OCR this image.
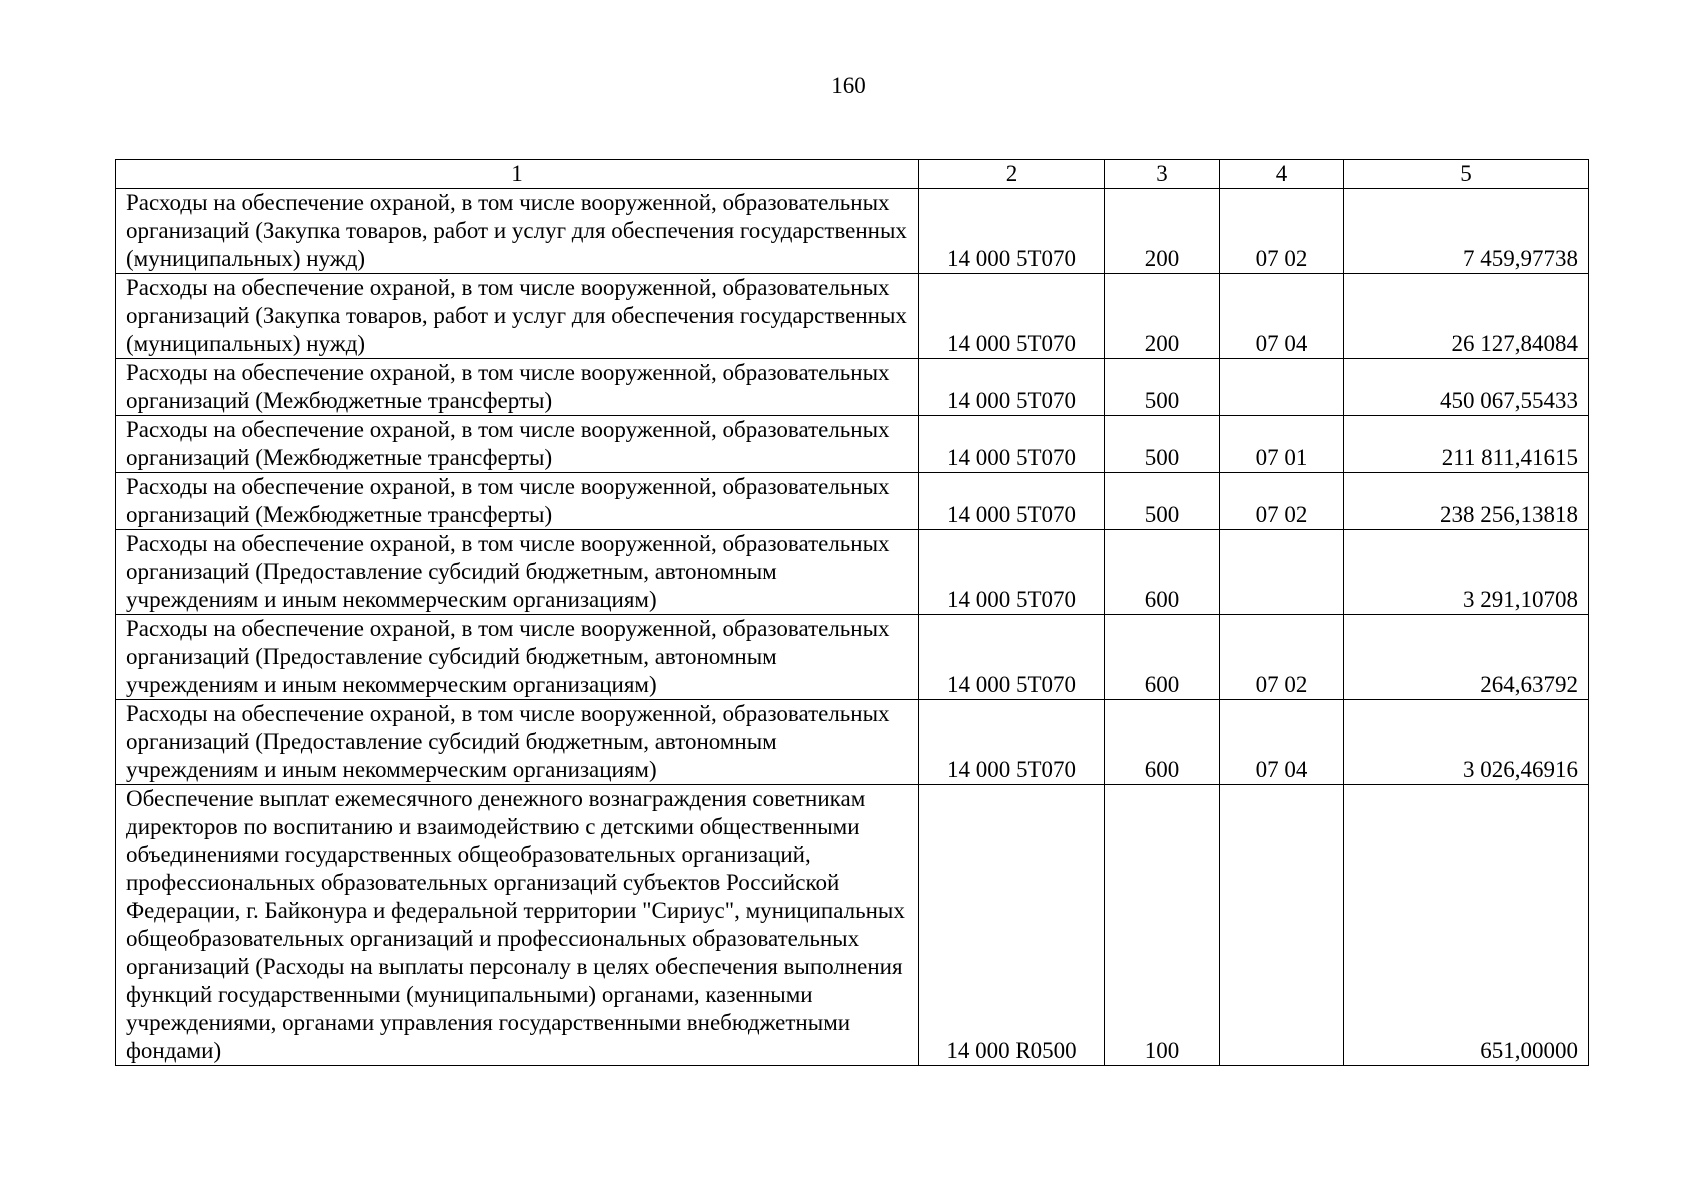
160
1	2	3	4	5
Расходы на обеспечение охраной, в том числе вооруженной, образовательных организаций (Закупка товаров, работ и услуг для обеспечения государственных (муниципальных) нужд)	14 000 5Т070	200	07 02	7 459,97738
Расходы на обеспечение охраной, в том числе вооруженной, образовательных организаций (Закупка товаров, работ и услуг для обеспечения государственных (муниципальных) нужд)	14 000 5Т070	200	07 04	26 127,84084
Расходы на обеспечение охраной, в том числе вооруженной, образовательных организаций (Межбюджетные трансферты)	14 000 5Т070	500		450 067,55433
Расходы на обеспечение охраной, в том числе вооруженной, образовательных организаций (Межбюджетные трансферты)	14 000 5Т070	500	07 01	211 811,41615
Расходы на обеспечение охраной, в том числе вооруженной, образовательных организаций (Межбюджетные трансферты)	14 000 5Т070	500	07 02	238 256,13818
Расходы на обеспечение охраной, в том числе вооруженной, образовательных организаций (Предоставление субсидий бюджетным, автономным учреждениям и иным некоммерческим организациям)	14 000 5Т070	600		3 291,10708
Расходы на обеспечение охраной, в том числе вооруженной, образовательных организаций (Предоставление субсидий бюджетным, автономным учреждениям и иным некоммерческим организациям)	14 000 5Т070	600	07 02	264,63792
Расходы на обеспечение охраной, в том числе вооруженной, образовательных организаций (Предоставление субсидий бюджетным, автономным учреждениям и иным некоммерческим организациям)	14 000 5Т070	600	07 04	3 026,46916
Обеспечение выплат ежемесячного денежного вознаграждения советникам директоров по воспитанию и взаимодействию с детскими общественными объединениями государственных общеобразовательных организаций, профессиональных образовательных организаций субъектов Российской Федерации, г. Байконура и федеральной территории "Сириус", муниципальных общеобразовательных организаций и профессиональных образовательных организаций (Расходы на выплаты персоналу в целях обеспечения выполнения функций государственными (муниципальными) органами, казенными учреждениями, органами управления государственными внебюджетными фондами)	14 000 R0500	100		651,00000
